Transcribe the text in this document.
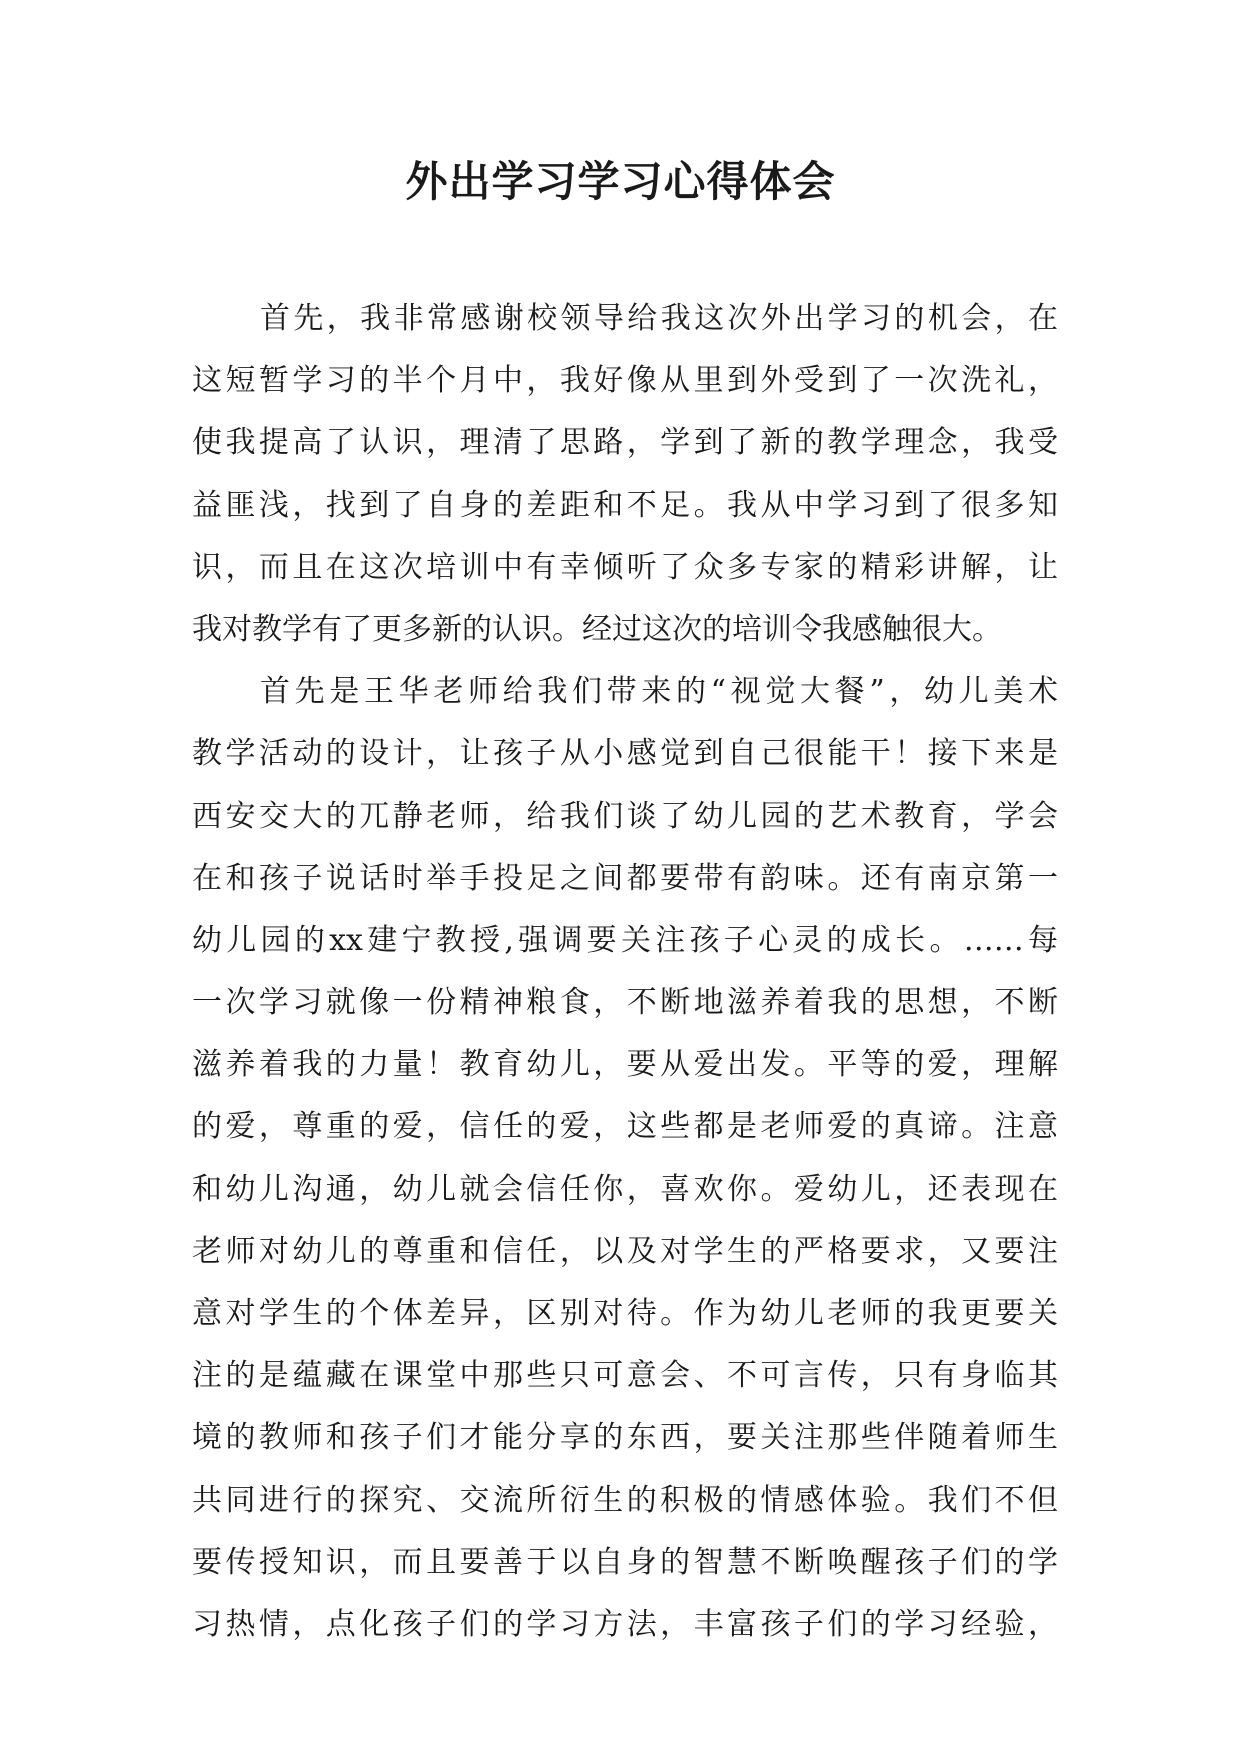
外出学习学习心得体会
首先，我非常感谢校领导给我这次外出学习的机会，在
这短暂学习的半个月中，我好像从里到外受到了一次洗礼，
使我提高了认识，理清了思路，学到了新的教学理念，我受
益匪浅，找到了自身的差距和不足。我从中学习到了很多知
识，而且在这次培训中有幸倾听了众多专家的精彩讲解，让
我对教学有了更多新的认识。经过这次的培训令我感触很大。
首先是王华老师给我们带来的“视觉大餐”，幼儿美术
教学活动的设计，让孩子从小感觉到自己很能干！接下来是
西安交大的兀静老师，给我们谈了幼儿园的艺术教育，学会
在和孩子说话时举手投足之间都要带有韵味。还有南京第一
幼儿园的xx建宁教授,强调要关注孩子心灵的成长。……每
一次学习就像一份精神粮食，不断地滋养着我的思想，不断
滋养着我的力量！教育幼儿，要从爱出发。平等的爱，理解
的爱，尊重的爱，信任的爱，这些都是老师爱的真谛。注意
和幼儿沟通，幼儿就会信任你，喜欢你。爱幼儿，还表现在
老师对幼儿的尊重和信任，以及对学生的严格要求，又要注
意对学生的个体差异，区别对待。作为幼儿老师的我更要关
注的是蕴藏在课堂中那些只可意会、不可言传，只有身临其
境的教师和孩子们才能分享的东西，要关注那些伴随着师生
共同进行的探究、交流所衍生的积极的情感体验。我们不但
要传授知识，而且要善于以自身的智慧不断唤醒孩子们的学
习热情，点化孩子们的学习方法，丰富孩子们的学习经验，
